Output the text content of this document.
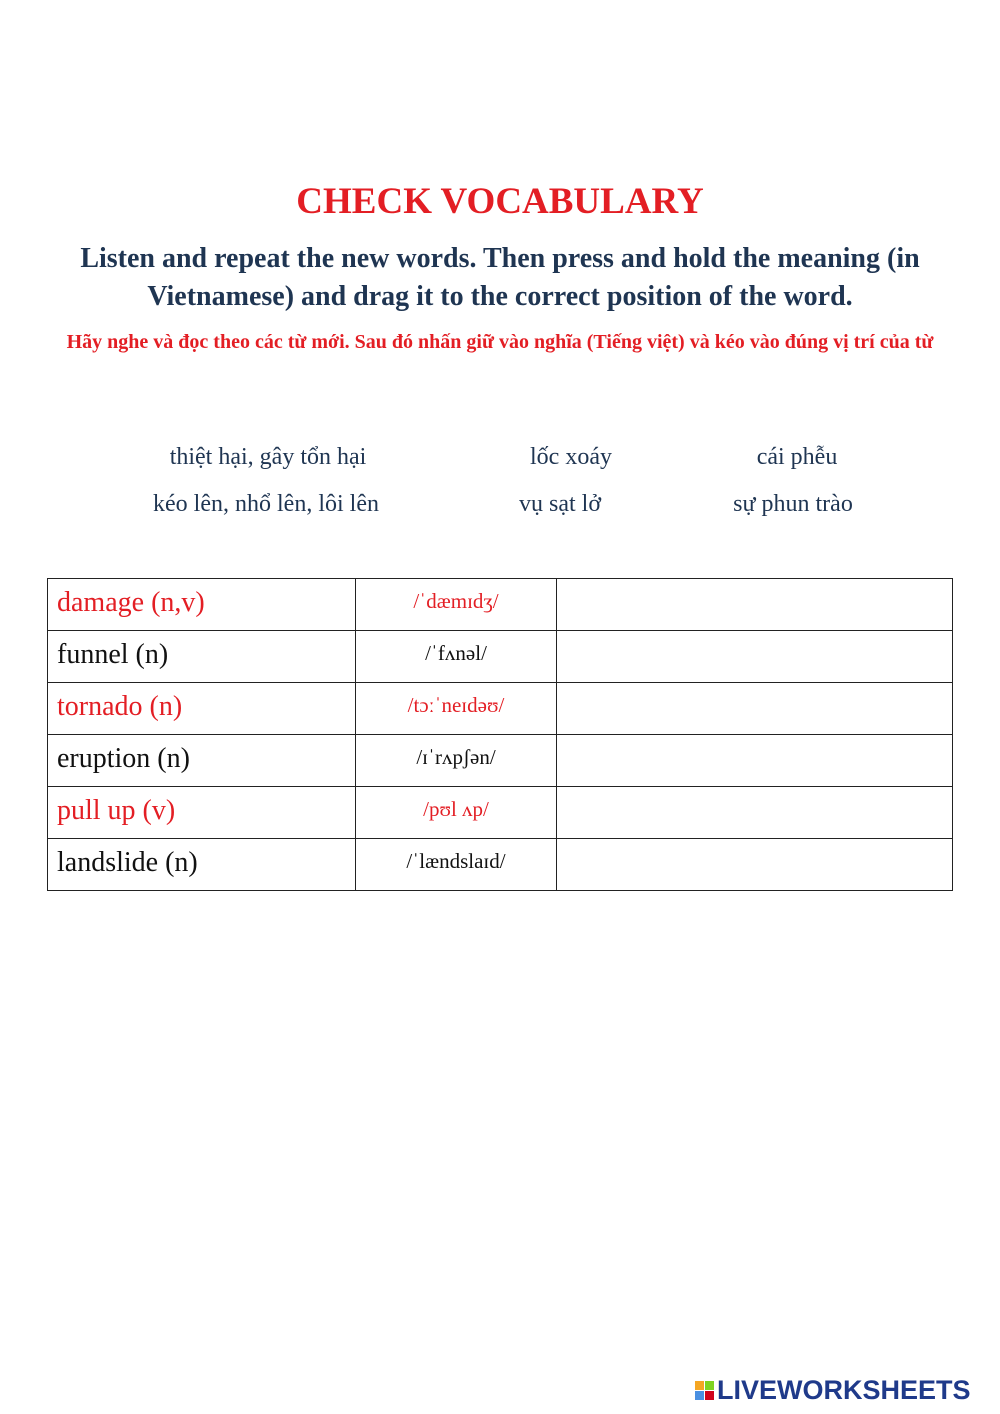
CHECK VOCABULARY
Listen and repeat the new words. Then press and hold the meaning (in Vietnamese) and drag it to the correct position of the word.
Hãy nghe và đọc theo các từ mới. Sau đó nhấn giữ vào nghĩa (Tiếng việt) và kéo vào đúng vị trí của từ
thiệt hại, gây tổn hại	lốc xoáy	cái phễu
kéo lên, nhổ lên, lôi lên	vụ sạt lở	sự phun trào
damage (n,v)	/ˈdæmɪdʒ/	

funnel (n)	/ˈfʌnəl/	

tornado (n)	/tɔːˈneɪdəʊ/	

eruption (n)	/ɪˈrʌpʃən/	

pull up (v)	/pʊl ʌp/	

landslide (n)	/ˈlændslaɪd/	

LIVEWORKSHEETS
